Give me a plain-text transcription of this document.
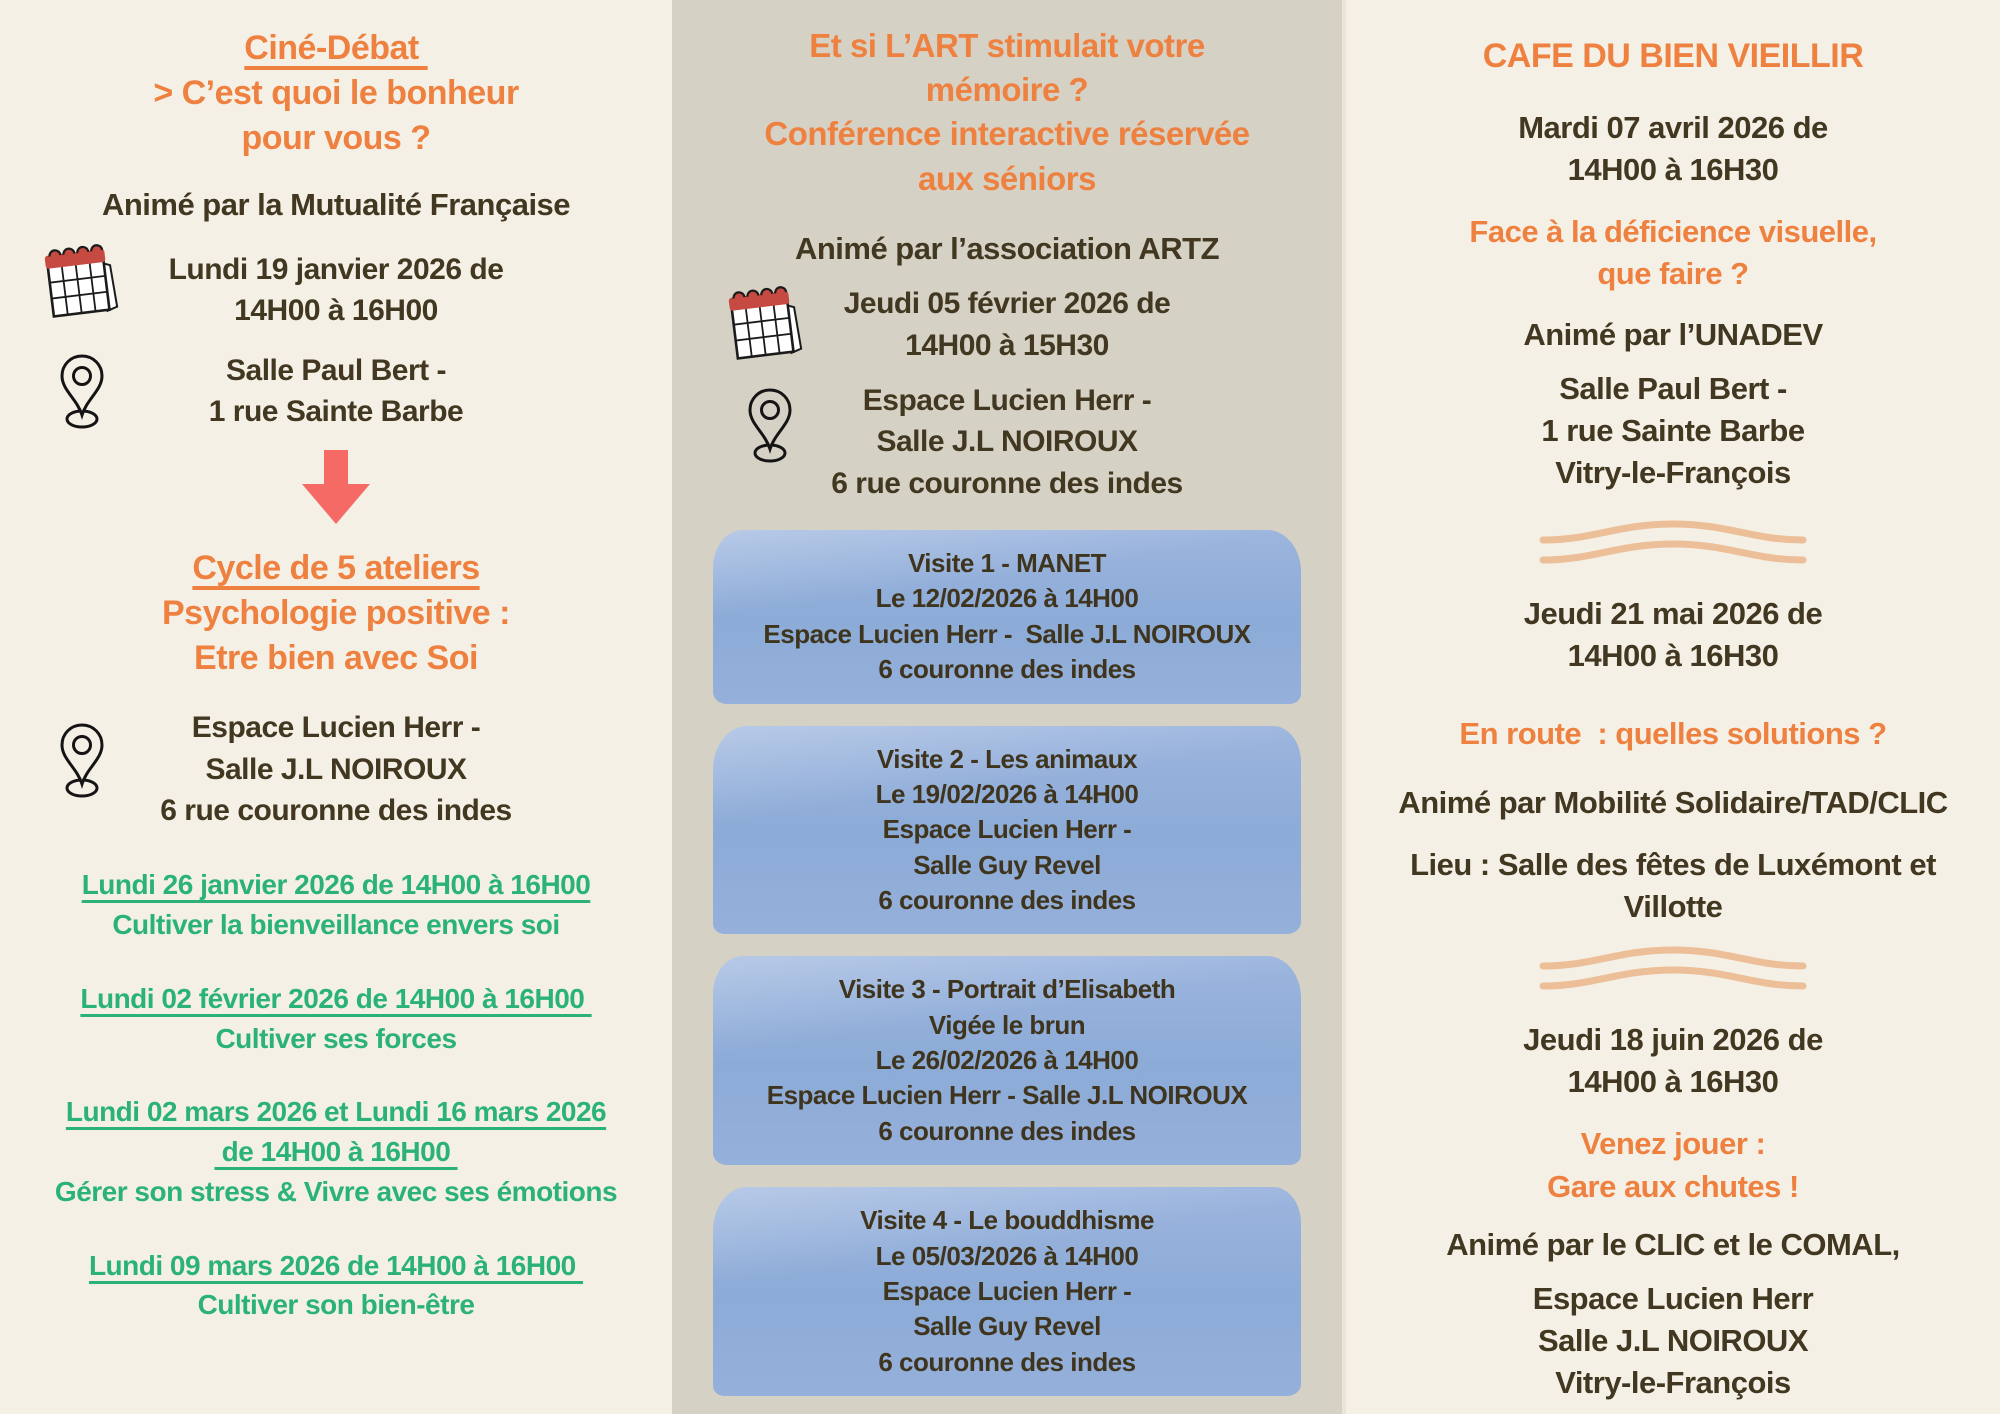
Ciné-Débat
> C’est quoi le bonheur
pour vous ?
Animé par la Mutualité Française
Lundi 19 janvier 2026 de
14H00 à 16H00
Salle Paul Bert -
1 rue Sainte Barbe
Cycle de 5 ateliers
Psychologie positive :
Etre bien avec Soi
Espace Lucien Herr -
Salle J.L NOIROUX
6 rue couronne des indes
Lundi 26 janvier 2026 de 14H00 à 16H00
Cultiver la bienveillance envers soi
Lundi 02 février 2026 de 14H00 à 16H00
Cultiver ses forces
Lundi 02 mars 2026 et Lundi 16 mars 2026
de 14H00 à 16H00
Gérer son stress & Vivre avec ses émotions
Lundi 09 mars 2026 de 14H00 à 16H00
Cultiver son bien-être
Et si L’ART stimulait votre
mémoire ?
Conférence interactive réservée
aux séniors
Animé par l’association ARTZ
Jeudi 05 février 2026 de
14H00 à 15H30
Espace Lucien Herr -
Salle J.L NOIROUX
6 rue couronne des indes
Visite 1 - MANET
Le 12/02/2026 à 14H00
Espace Lucien Herr -  Salle J.L NOIROUX
6 couronne des indes
Visite 2 - Les animaux
Le 19/02/2026 à 14H00
Espace Lucien Herr -
Salle Guy Revel
6 couronne des indes
Visite 3 - Portrait d’Elisabeth
Vigée le brun
Le 26/02/2026 à 14H00
Espace Lucien Herr - Salle J.L NOIROUX
6 couronne des indes
Visite 4 - Le bouddhisme
Le 05/03/2026 à 14H00
Espace Lucien Herr -
Salle Guy Revel
6 couronne des indes
CAFE DU BIEN VIEILLIR
Mardi 07 avril 2026 de
14H00 à 16H30
Face à la déficience visuelle,
que faire ?
Animé par l’UNADEV
Salle Paul Bert -
1 rue Sainte Barbe
Vitry-le-François
Jeudi 21 mai 2026 de
14H00 à 16H30
En route  : quelles solutions ?
Animé par Mobilité Solidaire/TAD/CLIC
Lieu : Salle des fêtes de Luxémont et
Villotte
Jeudi 18 juin 2026 de
14H00 à 16H30
Venez jouer :
Gare aux chutes !
Animé par le CLIC et le COMAL,
Espace Lucien Herr
Salle J.L NOIROUX
Vitry-le-François
